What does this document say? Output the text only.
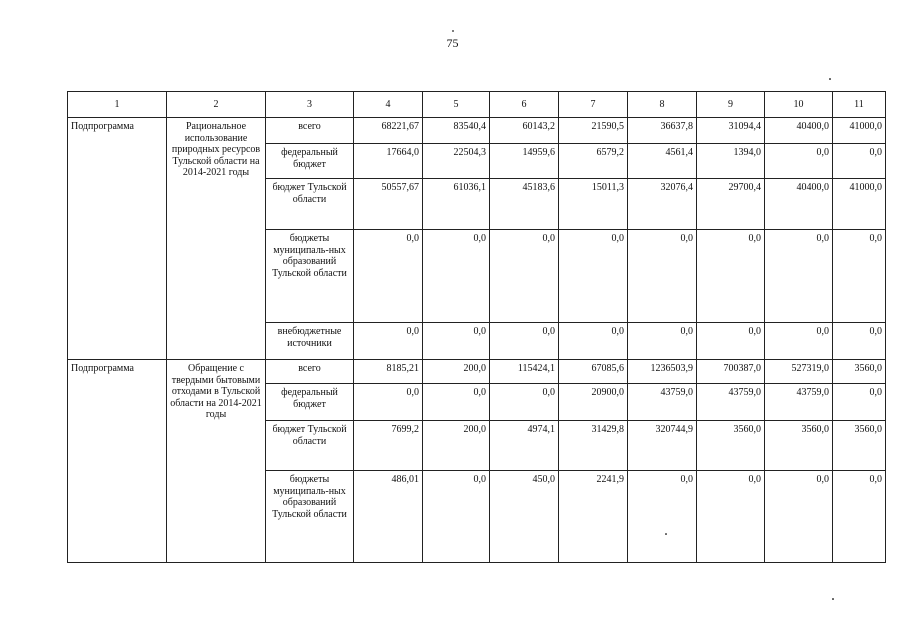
75
1	2	3	4	5	6	7	8	9	10	11
Подпрограмма	Рациональное использование природных ресурсов Тульской области на 2014-2021 годы	всего	68221,67	83540,4	60143,2	21590,5	36637,8	31094,4	40400,0	41000,0
		федеральный бюджет	17664,0	22504,3	14959,6	6579,2	4561,4	1394,0	0,0	0,0
		бюджет Тульской области	50557,67	61036,1	45183,6	15011,3	32076,4	29700,4	40400,0	41000,0
		бюджеты муниципаль-ных образований Тульской области	0,0	0,0	0,0	0,0	0,0	0,0	0,0	0,0
		внебюджетные источники	0,0	0,0	0,0	0,0	0,0	0,0	0,0	0,0
Подпрограмма	Обращение с твердыми бытовыми отходами в Тульской области на 2014-2021 годы	всего	8185,21	200,0	115424,1	67085,6	1236503,9	700387,0	527319,0	3560,0
		федеральный бюджет	0,0	0,0	0,0	20900,0	43759,0	43759,0	43759,0	0,0
		бюджет Тульской области	7699,2	200,0	4974,1	31429,8	320744,9	3560,0	3560,0	3560,0
		бюджеты муниципаль-ных образований Тульской области	486,01	0,0	450,0	2241,9	0,0	0,0	0,0	0,0
